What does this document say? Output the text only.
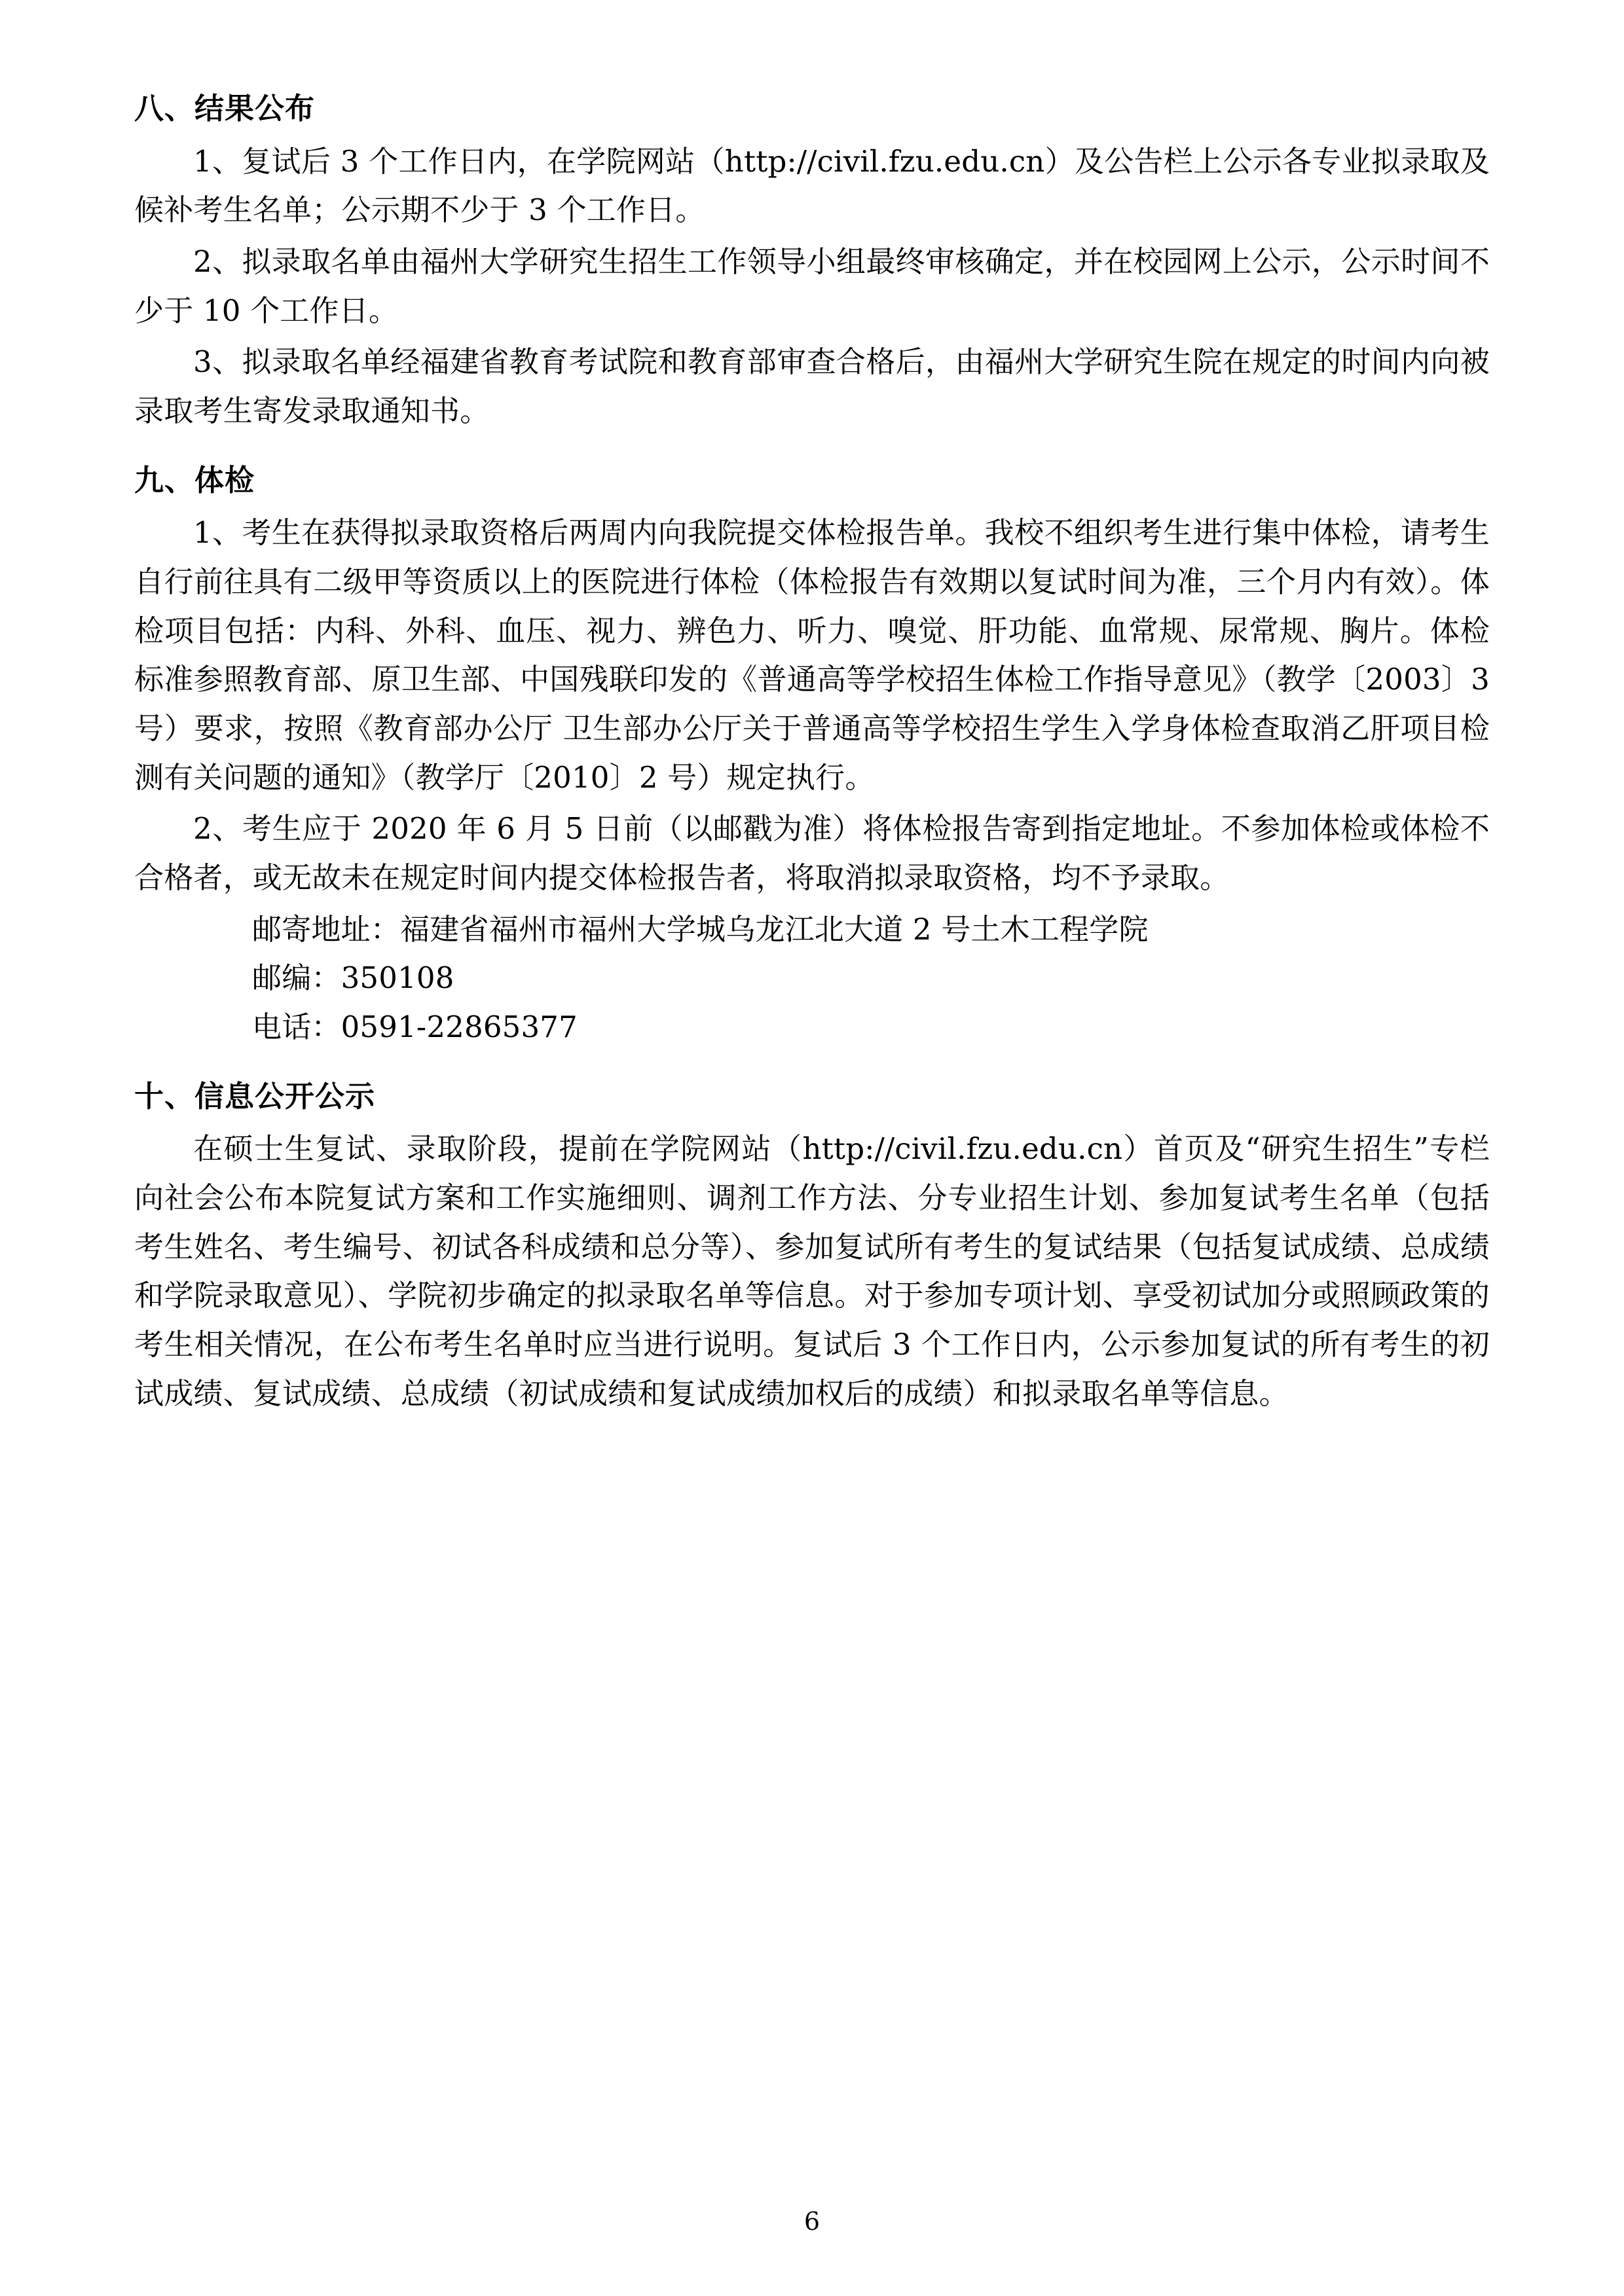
八、结果公布

1、复试后 3 个工作日内，在学院网站（http://civil.fzu.edu.cn）及公告栏上公示各专业拟录取及候补考生名单；公示期不少于 3 个工作日。

2、拟录取名单由福州大学研究生招生工作领导小组最终审核确定，并在校园网上公示，公示时间不少于 10 个工作日。

3、拟录取名单经福建省教育考试院和教育部审查合格后，由福州大学研究生院在规定的时间内向被录取考生寄发录取通知书。

九、体检

1、考生在获得拟录取资格后两周内向我院提交体检报告单。我校不组织考生进行集中体检，请考生自行前往具有二级甲等资质以上的医院进行体检（体检报告有效期以复试时间为准，三个月内有效）。体检项目包括：内科、外科、血压、视力、辨色力、听力、嗅觉、肝功能、血常规、尿常规、胸片。体检标准参照教育部、原卫生部、中国残联印发的《普通高等学校招生体检工作指导意见》（教学〔2003〕3 号）要求，按照《教育部办公厅 卫生部办公厅关于普通高等学校招生学生入学身体检查取消乙肝项目检测有关问题的通知》（教学厅〔2010〕2 号）规定执行。

2、考生应于 2020 年 6 月 5 日前（以邮戳为准）将体检报告寄到指定地址。不参加体检或体检不合格者，或无故未在规定时间内提交体检报告者，将取消拟录取资格，均不予录取。

邮寄地址：福建省福州市福州大学城乌龙江北大道 2 号土木工程学院

邮编：350108

电话：0591-22865377

十、信息公开公示

在硕士生复试、录取阶段，提前在学院网站（http://civil.fzu.edu.cn）首页及“研究生招生”专栏向社会公布本院复试方案和工作实施细则、调剂工作方法、分专业招生计划、参加复试考生名单（包括考生姓名、考生编号、初试各科成绩和总分等）、参加复试所有考生的复试结果（包括复试成绩、总成绩和学院录取意见）、学院初步确定的拟录取名单等信息。对于参加专项计划、享受初试加分或照顾政策的考生相关情况，在公布考生名单时应当进行说明。复试后 3 个工作日内，公示参加复试的所有考生的初试成绩、复试成绩、总成绩（初试成绩和复试成绩加权后的成绩）和拟录取名单等信息。

6
